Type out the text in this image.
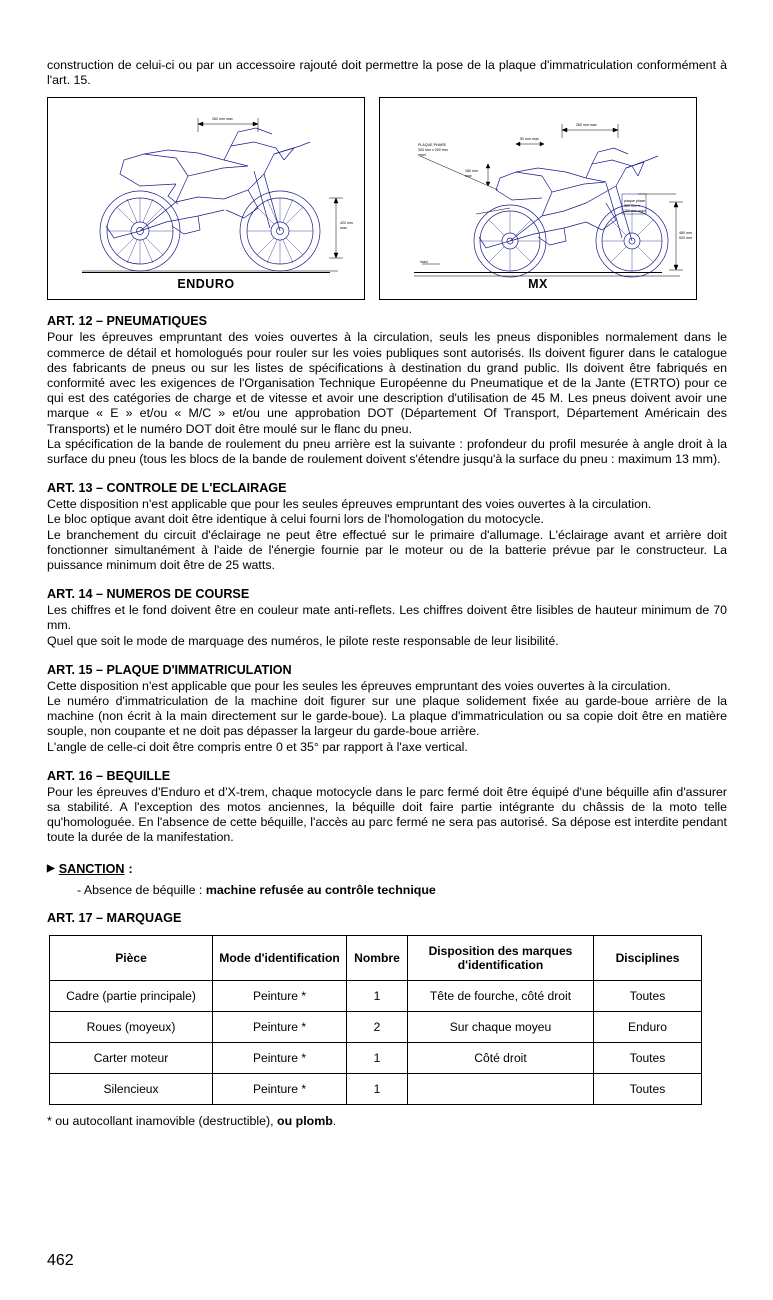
construction de celui-ci ou par un accessoire rajouté doit permettre la pose de la plaque d'immatriculation conformément à l'art. 15.

260 mm max
420 mm
max
ENDURO
260 mm max
50 mm max
480 mm
520 mm
180 mm
max
PLAQUE PHARE
300 mm x 200 mm
maxi
plaque phare
300 mm x
200 mm maxi
maxi
MX
ART. 12 – PNEUMATIQUES

Pour les épreuves empruntant des voies ouvertes à la circulation, seuls les pneus disponibles normalement dans le commerce de détail et homologués pour rouler sur les voies publiques sont autorisés. Ils doivent figurer dans le catalogue des fabricants de pneus ou sur les listes de spécifications à destination du grand public. Ils doivent être fabriqués en conformité avec les exigences de l'Organisation Technique Européenne du Pneumatique et de la Jante (ETRTO) pour ce qui est des catégories de charge et de vitesse et avoir une description d'utilisation de 45 M. Les pneus doivent avoir une marque « E » et/ou « M/C » et/ou une approbation DOT (Département Of Transport, Département Américain des Transports) et le numéro DOT doit être moulé sur le flanc du pneu.

La spécification de la bande de roulement du pneu arrière est la suivante : profondeur du profil mesurée à angle droit à la surface du pneu (tous les blocs de la bande de roulement doivent s'étendre jusqu'à la surface du pneu : maximum 13 mm).

ART. 13 – CONTROLE DE L'ECLAIRAGE

Cette disposition n'est applicable que pour les seules épreuves empruntant des voies ouvertes à la circulation.

Le bloc optique avant doit être identique à celui fourni lors de l'homologation du motocycle.

Le branchement du circuit d'éclairage ne peut être effectué sur le primaire d'allumage. L'éclairage avant et arrière doit fonctionner simultanément à l'aide de l'énergie fournie par le moteur ou de la batterie prévue par le constructeur. La puissance minimum doit être de 25 watts.

ART. 14 – NUMEROS DE COURSE

Les chiffres et le fond doivent être en couleur mate anti-reflets. Les chiffres doivent être lisibles de hauteur minimum de 70 mm.

Quel que soit le mode de marquage des numéros, le pilote reste responsable de leur lisibilité.

ART. 15 – PLAQUE D'IMMATRICULATION

Cette disposition n'est applicable que pour les seules les épreuves empruntant des voies ouvertes à la circulation.

Le numéro d'immatriculation de la machine doit figurer sur une plaque solidement fixée au garde-boue arrière de la machine (non écrit à la main directement sur le garde-boue). La plaque d'immatriculation ou sa copie doit être en matière souple, non coupante et ne doit pas dépasser la largeur du garde-boue arrière.

L'angle de celle-ci doit être compris entre 0 et 35° par rapport à l'axe vertical.

ART. 16 – BEQUILLE

Pour les épreuves d'Enduro et d'X-trem, chaque motocycle dans le parc fermé doit être équipé d'une béquille afin d'assurer sa stabilité. A l'exception des motos anciennes, la béquille doit faire partie intégrante du châssis de la moto telle qu'homologuée. En l'absence de cette béquille, l'accès au parc fermé ne sera pas autorisé. Sa dépose est interdite pendant toute la durée de la manifestation.

▶ SANCTION :
- Absence de béquille : machine refusée au contrôle technique
ART. 17 – MARQUAGE
Pièce	Mode d'identification	Nombre	Disposition des marques d'identification	Disciplines
Cadre (partie principale)	Peinture *	1	Tête de fourche, côté droit	Toutes
Roues (moyeux)	Peinture *	2	Sur chaque moyeu	Enduro
Carter moteur	Peinture *	1	Côté droit	Toutes
Silencieux	Peinture *	1		Toutes
* ou autocollant inamovible (destructible), ou plomb.
462
